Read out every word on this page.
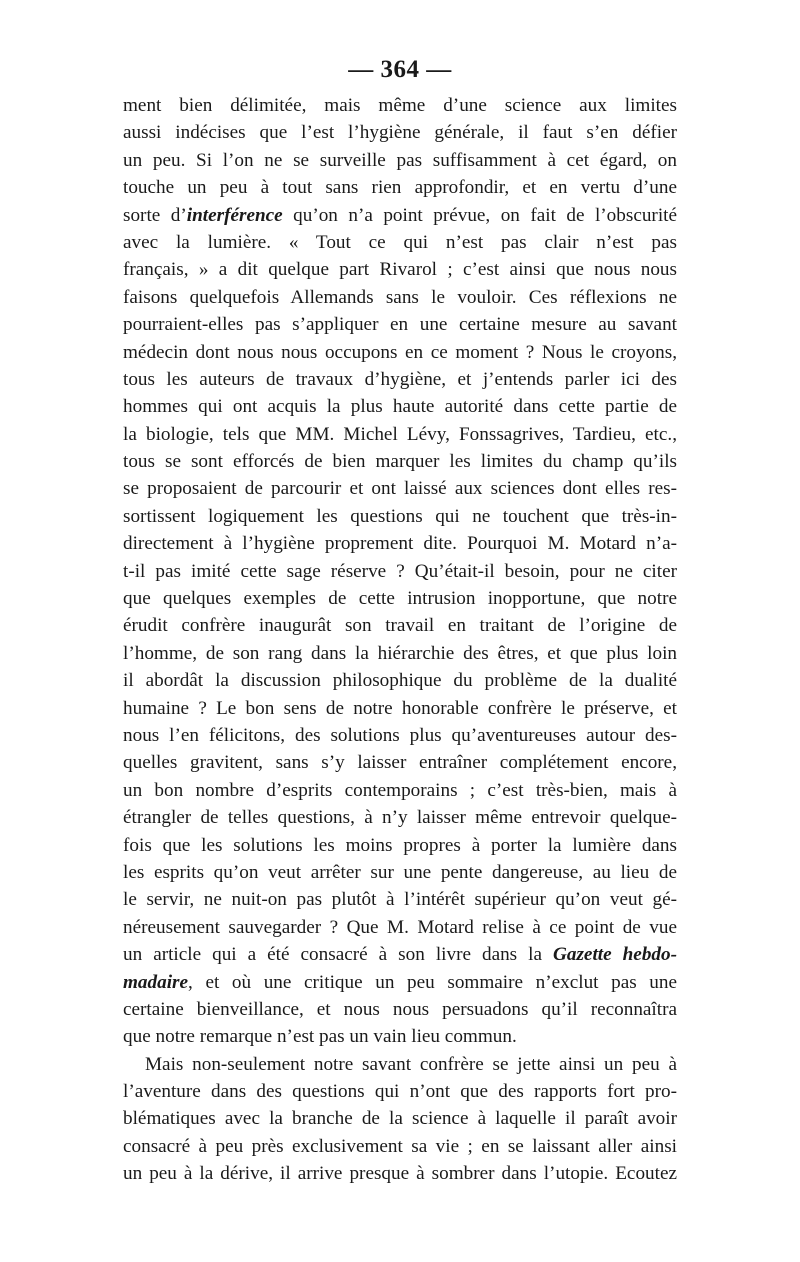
— 364 —
ment bien délimitée, mais même d’une science aux limites
aussi indécises que l’est l’hygiène générale, il faut s’en défier
un peu. Si l’on ne se surveille pas suffisamment à cet égard, on
touche un peu à tout sans rien approfondir, et en vertu d’une
sorte d’interférence qu’on n’a point prévue, on fait de l’obscurité
avec la lumière. « Tout ce qui n’est pas clair n’est pas
français, » a dit quelque part Rivarol ; c’est ainsi que nous nous
faisons quelquefois Allemands sans le vouloir. Ces réflexions ne
pourraient-elles pas s’appliquer en une certaine mesure au savant
médecin dont nous nous occupons en ce moment ? Nous le croyons,
tous les auteurs de travaux d’hygiène, et j’entends parler ici des
hommes qui ont acquis la plus haute autorité dans cette partie de
la biologie, tels que MM. Michel Lévy, Fonssagrives, Tardieu, etc.,
tous se sont efforcés de bien marquer les limites du champ qu’ils
se proposaient de parcourir et ont laissé aux sciences dont elles res-
sortissent logiquement les questions qui ne touchent que très-in-
directement à l’hygiène proprement dite. Pourquoi M. Motard n’a-
t-il pas imité cette sage réserve ? Qu’était-il besoin, pour ne citer
que quelques exemples de cette intrusion inopportune, que notre
érudit confrère inaugurât son travail en traitant de l’origine de
l’homme, de son rang dans la hiérarchie des êtres, et que plus loin
il abordât la discussion philosophique du problème de la dualité
humaine ? Le bon sens de notre honorable confrère le préserve, et
nous l’en félicitons, des solutions plus qu’aventureuses autour des-
quelles gravitent, sans s’y laisser entraîner complétement encore,
un bon nombre d’esprits contemporains ; c’est très-bien, mais à
étrangler de telles questions, à n’y laisser même entrevoir quelque-
fois que les solutions les moins propres à porter la lumière dans
les esprits qu’on veut arrêter sur une pente dangereuse, au lieu de
le servir, ne nuit-on pas plutôt à l’intérêt supérieur qu’on veut gé-
néreusement sauvegarder ? Que M. Motard relise à ce point de vue
un article qui a été consacré à son livre dans la Gazette hebdo-
madaire, et où une critique un peu sommaire n’exclut pas une
certaine bienveillance, et nous nous persuadons qu’il reconnaîtra
que notre remarque n’est pas un vain lieu commun.
Mais non-seulement notre savant confrère se jette ainsi un peu à
l’aventure dans des questions qui n’ont que des rapports fort pro-
blématiques avec la branche de la science à laquelle il paraît avoir
consacré à peu près exclusivement sa vie ; en se laissant aller ainsi
un peu à la dérive, il arrive presque à sombrer dans l’utopie. Ecoutez
